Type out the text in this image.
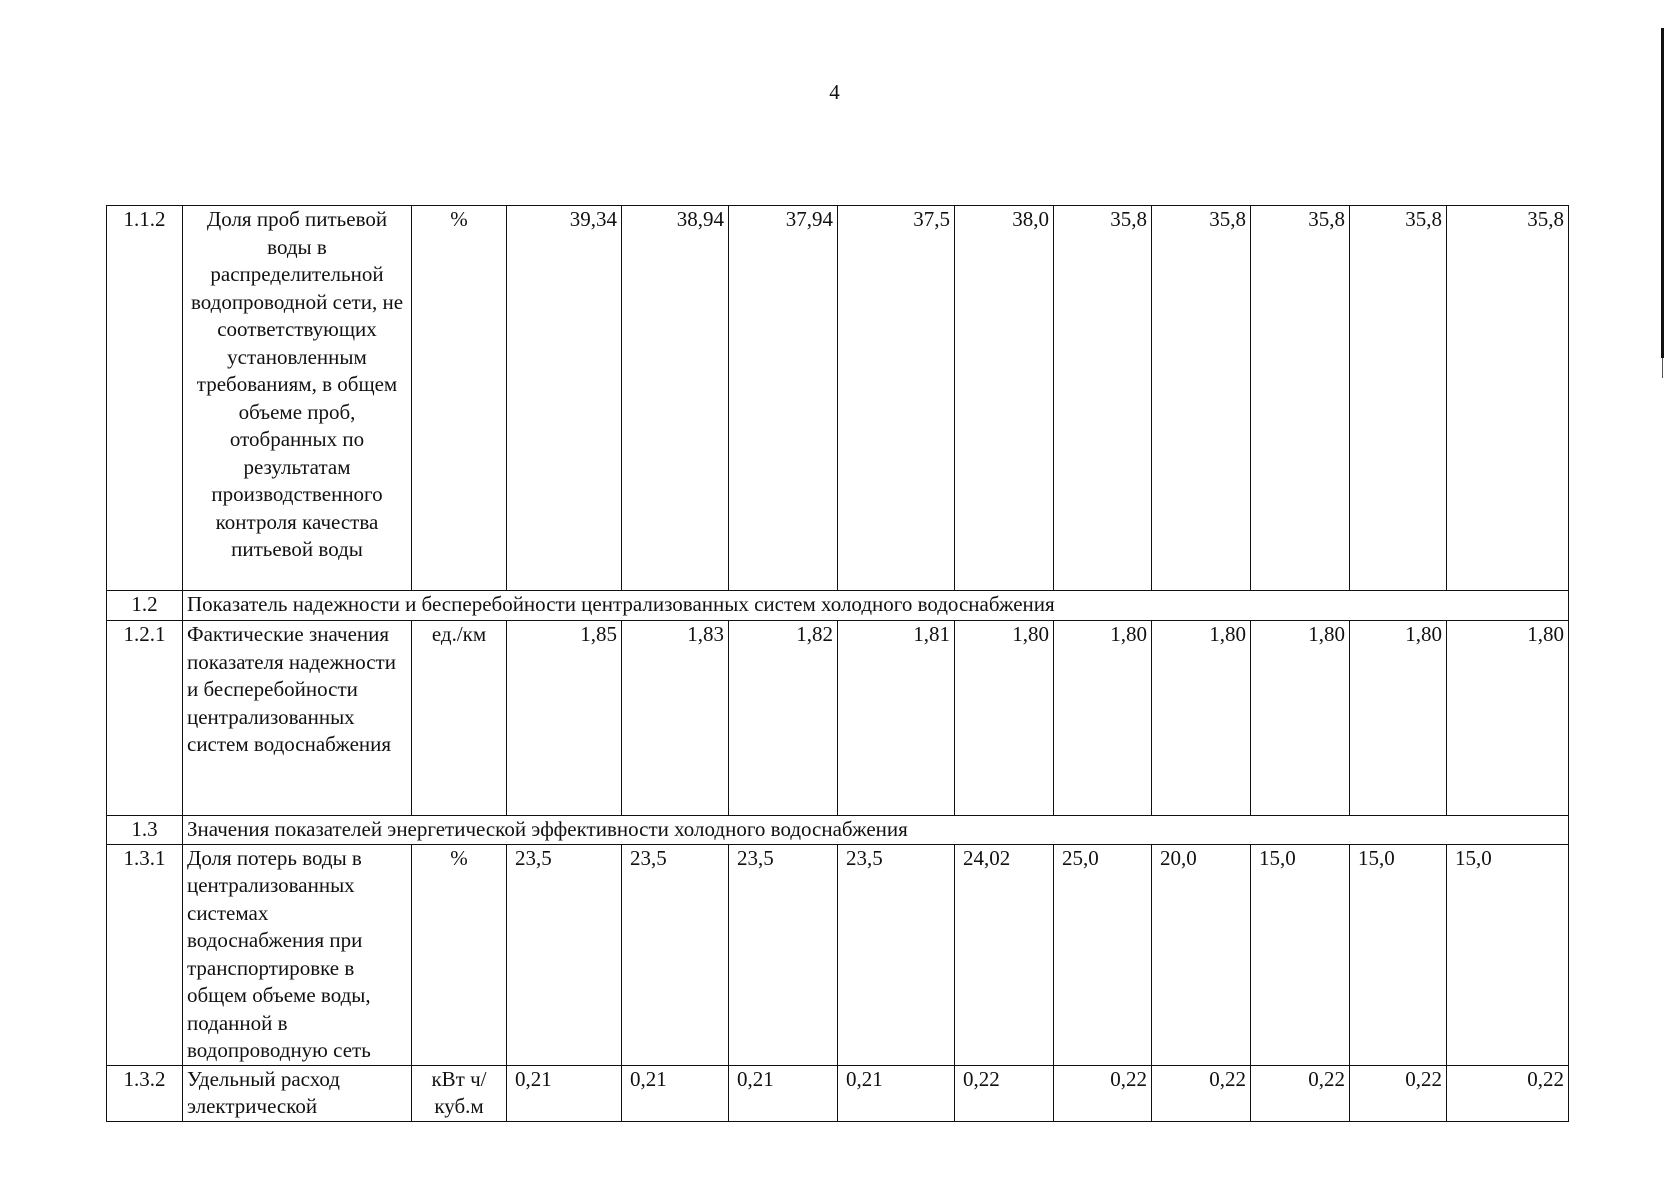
4
1.1.2	Доля проб питьевой воды в распределительной водопроводной сети, не соответствующих установленным требованиям, в общем объеме проб, отобранных по результатам производственного контроля качества питьевой воды	%	39,34	38,94	37,94	37,5	38,0	35,8	35,8	35,8	35,8	35,8
1.2	Показатель надежности и бесперебойности централизованных систем холодного водоснабжения											
1.2.1	Фактические значения показателя надежности и бесперебойности централизованных систем водоснабжения	ед./км	1,85	1,83	1,82	1,81	1,80	1,80	1,80	1,80	1,80	1,80
1.3	Значения показателей энергетической эффективности холодного водоснабжения											
1.3.1	Доля потерь воды в централизованных системах водоснабжения при транспортировке в общем объеме воды, поданной в водопроводную сеть	%	23,5	23,5	23,5	23,5	24,02	25,0	20,0	15,0	15,0	15,0
1.3.2	Удельный расход электрической	кВт ч/куб.м	0,21	0,21	0,21	0,21	0,22	0,22	0,22	0,22	0,22	0,22
